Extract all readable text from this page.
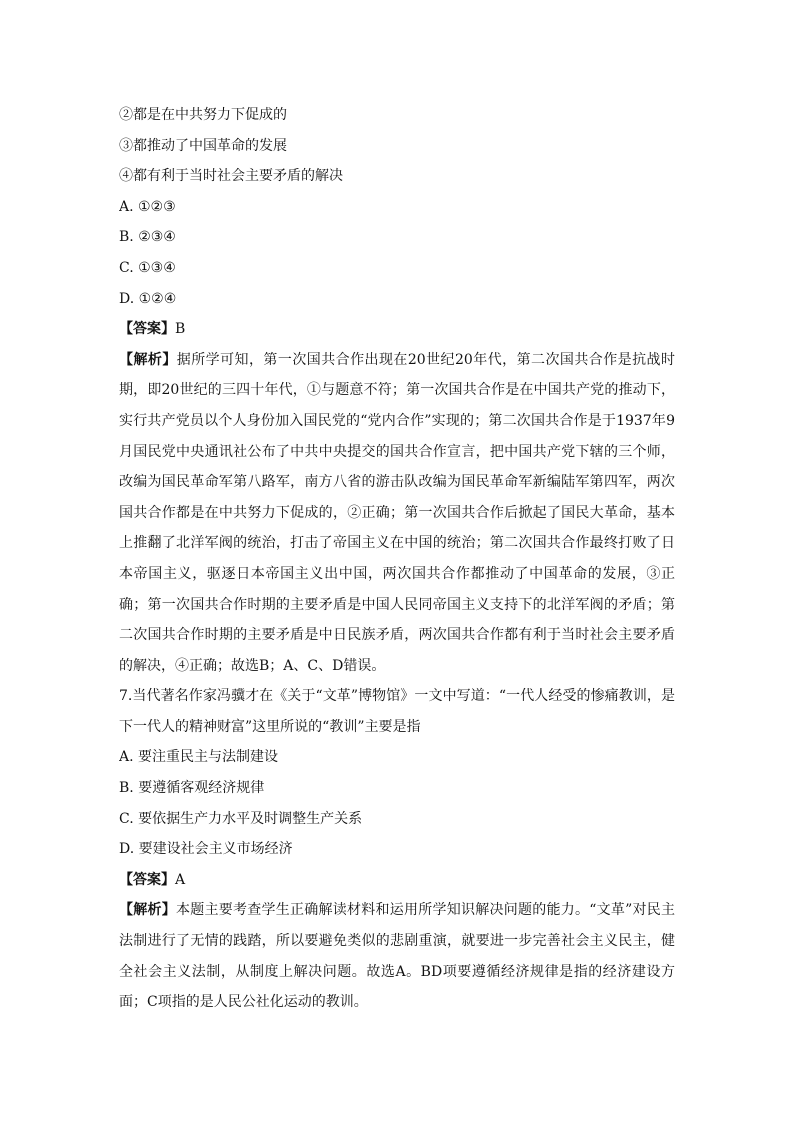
②都是在中共努力下促成的
③都推动了中国革命的发展
④都有利于当时社会主要矛盾的解决
A. ①②③
B. ②③④
C. ①③④
D. ①②④
【答案】B
【解析】据所学可知，第一次国共合作出现在20世纪20年代，第二次国共合作是抗战时期，即20世纪的三四十年代，①与题意不符；第一次国共合作是在中国共产党的推动下，实行共产党员以个人身份加入国民党的“党内合作”实现的；第二次国共合作是于1937年9月国民党中央通讯社公布了中共中央提交的国共合作宣言，把中国共产党下辖的三个师，改编为国民革命军第八路军，南方八省的游击队改编为国民革命军新编陆军第四军，两次国共合作都是在中共努力下促成的，②正确；第一次国共合作后掀起了国民大革命，基本上推翻了北洋军阀的统治，打击了帝国主义在中国的统治；第二次国共合作最终打败了日本帝国主义，驱逐日本帝国主义出中国，两次国共合作都推动了中国革命的发展，③正确；第一次国共合作时期的主要矛盾是中国人民同帝国主义支持下的北洋军阀的矛盾；第二次国共合作时期的主要矛盾是中日民族矛盾，两次国共合作都有利于当时社会主要矛盾的解决，④正确；故选B；A、C、D错误。
7.当代著名作家冯骥才在《关于“文革”博物馆》一文中写道：“一代人经受的惨痛教训，是下一代人的精神财富”这里所说的“教训”主要是指
A. 要注重民主与法制建设
B. 要遵循客观经济规律
C. 要依据生产力水平及时调整生产关系
D. 要建设社会主义市场经济
【答案】A
【解析】本题主要考查学生正确解读材料和运用所学知识解决问题的能力。“文革”对民主法制进行了无情的践踏，所以要避免类似的悲剧重演，就要进一步完善社会主义民主，健全社会主义法制，从制度上解决问题。故选A。BD项要遵循经济规律是指的经济建设方面；C项指的是人民公社化运动的教训。
